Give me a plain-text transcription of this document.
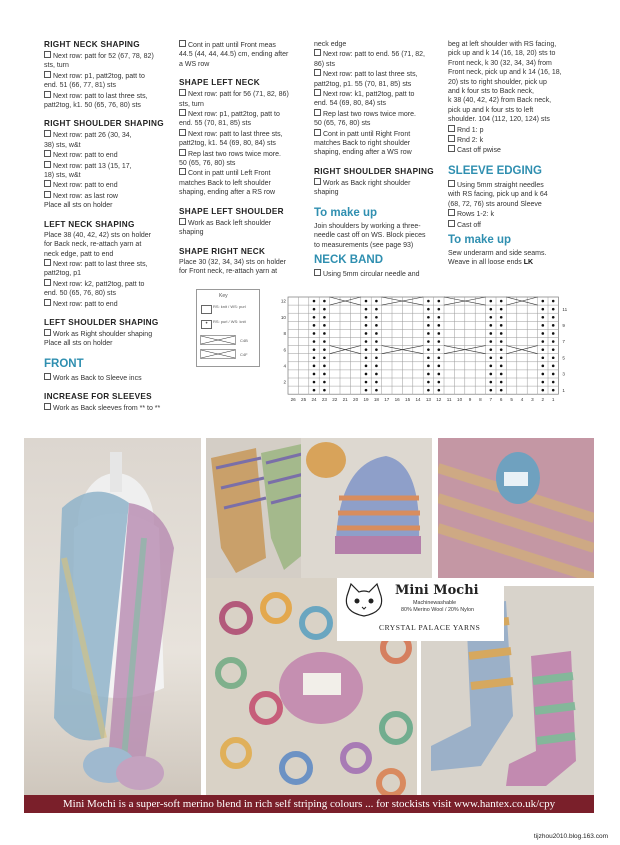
RIGHT NECK SHAPING
Next row: patt for 52 (67, 78, 82)
sts, turn
Next row: p1, patt2tog, patt to
end. 51 (66, 77, 81) sts
Next row: patt to last three sts,
patt2tog, k1. 50 (65, 76, 80) sts
RIGHT SHOULDER SHAPING
Next row: patt 26 (30, 34,
38) sts, w&t
Next row: patt to end
Next row: patt 13 (15, 17,
18) sts, w&t
Next row: patt to end
Next row: as last row
Place all sts on holder
LEFT NECK SHAPING
Place 38 (40, 42, 42) sts on holder
for Back neck, re-attach yarn at
neck edge, patt to end
Next row: patt to last three sts,
patt2tog, p1
Next row: k2, patt2tog, patt to
end. 50 (65, 76, 80) sts
Next row: patt to end
LEFT SHOULDER SHAPING
Work as Right shoulder shaping
Place all sts on holder
FRONT
Work as Back to Sleeve incs
INCREASE FOR SLEEVES
Work as Back sleeves from ** to **
Cont in patt until Front meas
44.5 (44, 44, 44.5) cm, ending after
a WS row
SHAPE LEFT NECK
Next row: patt for 56 (71, 82, 86)
sts, turn
Next row: p1, patt2tog, patt to
end. 55 (70, 81, 85) sts
Next row: patt to last three sts,
patt2tog, k1. 54 (69, 80, 84) sts
Rep last two rows twice more.
50 (65, 76, 80) sts
Cont in patt until Left Front
matches Back to left shoulder
shaping, ending after a RS row
SHAPE LEFT SHOULDER
Work as Back left shoulder
shaping
SHAPE RIGHT NECK
Place 30 (32, 34, 34) sts on holder
for Front neck, re-attach yarn at
neck edge
Next row: patt to end. 56 (71, 82,
86) sts
Next row: patt to last three sts,
patt2tog, p1. 55 (70, 81, 85) sts
Next row: k1, patt2tog, patt to
end. 54 (69, 80, 84) sts
Rep last two rows twice more.
50 (65, 76, 80) sts
Cont in patt until Right Front
matches Back to right shoulder
shaping, ending after a WS row
RIGHT SHOULDER SHAPING
Work as Back right shoulder
shaping
To make up
Join shoulders by working a three-
needle cast off on WS. Block pieces
to measurements (see page 93)
NECK BAND
Using 5mm circular needle and
beg at left shoulder with RS facing,
pick up and k 14 (16, 18, 20) sts to
Front neck, k 30 (32, 34, 34) from
Front neck, pick up and k 14 (16, 18,
20) sts to right shoulder, pick up
and k four sts to Back neck,
k 38 (40, 42, 42) from Back neck,
pick up and k four sts to left
shoulder. 104 (112, 120, 124) sts
Rnd 1: p
Rnd 2: k
Cast off pwise
SLEEVE EDGING
Using 5mm straight needles
with RS facing, pick up and k 64
(68, 72, 76) sts around Sleeve
Rows 1-2: k
Cast off
To make up
Sew underarm and side seams.
Weave in all loose ends LK
Key
RS: knit / WS: purl
•	RS: purl / WS: knit
C4B
C4F
26 25 24 23 22 21 20 19 18 17 16 15 14 13 12 11 10 9 8 7 6 5 4 3 2 1
1
3
5
7
9
11
2
4
6
8
10
12
Mini Mochi
Machinewashable
80% Merino Wool / 20% Nylon
CRYSTAL PALACE YARNS
Mini Mochi is a super-soft merino blend in rich self striping colours ... for stockists visit www.hantex.co.uk/cpy
tijzhou2010.blog.163.com
